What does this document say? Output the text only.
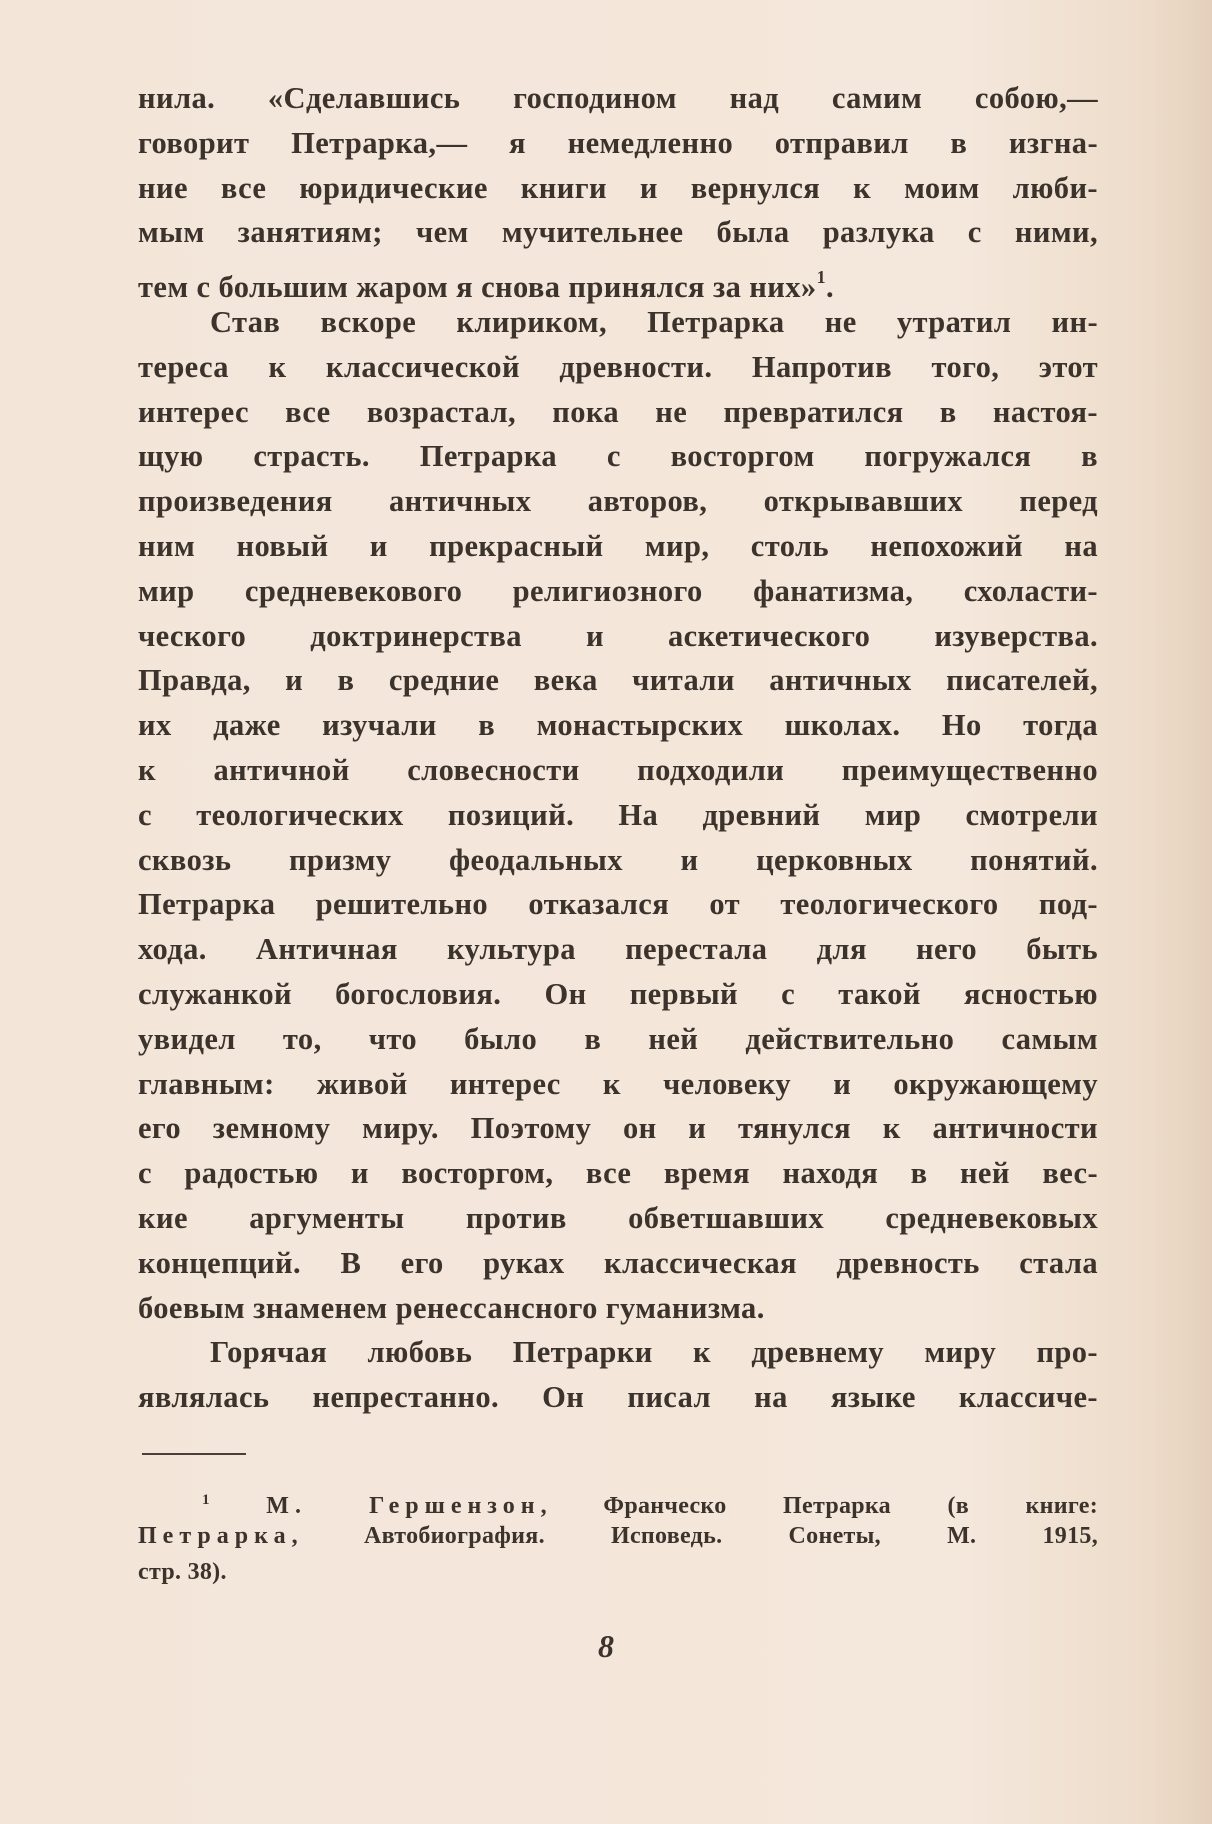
нила. «Сделавшись господином над самим собою,—
говорит Петрарка,— я немедленно отправил в изгна-
ние все юридические книги и вернулся к моим люби-
мым занятиям; чем мучительнее была разлука с ними,
тем с большим жаром я снова принялся за них»$^1$.
Став вскоре клириком, Петрарка не утратил ин-
тереса к классической древности. Напротив того, этот
интерес все возрастал, пока не превратился в настоя-
щую страсть. Петрарка с восторгом погружался в
произведения античных авторов, открывавших перед
ним новый и прекрасный мир, столь непохожий на
мир средневекового религиозного фанатизма, схоласти-
ческого доктринерства и аскетического изуверства.
Правда, и в средние века читали античных писателей,
их даже изучали в монастырских школах. Но тогда
к античной словесности подходили преимущественно
с теологических позиций. На древний мир смотрели
сквозь призму феодальных и церковных понятий.
Петрарка решительно отказался от теологического под-
хода. Античная культура перестала для него быть
служанкой богословия. Он первый с такой ясностью
увидел то, что было в ней действительно самым
главным: живой интерес к человеку и окружающему
его земному миру. Поэтому он и тянулся к античности
с радостью и восторгом, все время находя в ней вес-
кие аргументы против обветшавших средневековых
концепций. В его руках классическая древность стала
боевым знаменем ренессансного гуманизма.
Горячая любовь Петрарки к древнему миру про-
являлась непрестанно. Он писал на языке классиче-
$^1$ М. Гершензон, Франческо Петрарка (в книге:
Петрарка, Автобиография. Исповедь. Сонеты, М. 1915,
стр. 38).
8
